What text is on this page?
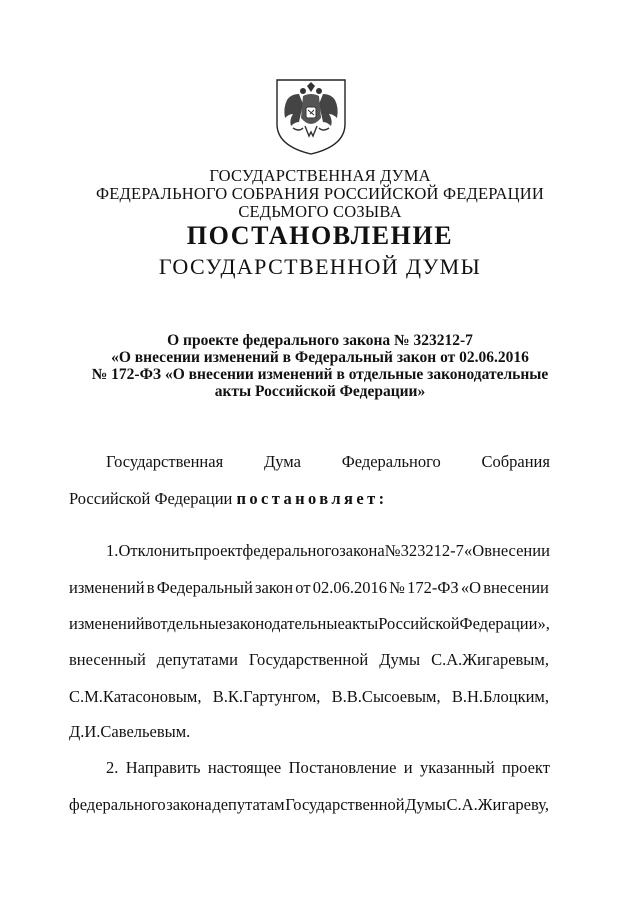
ГОСУДАРСТВЕННАЯ ДУМА
ФЕДЕРАЛЬНОГО СОБРАНИЯ РОССИЙСКОЙ ФЕДЕРАЦИИ
СЕДЬМОГО СОЗЫВА
ПОСТАНОВЛЕНИЕ
ГОСУДАРСТВЕННОЙ ДУМЫ
О проекте федерального закона № 323212-7
«О внесении изменений в Федеральный закон от 02.06.2016
№ 172-ФЗ «О внесении изменений в отдельные законодательные
акты Российской Федерации»
Государственная Дума Федерального Собрания
Российской Федерации постановляет:
1. Отклонить проект федерального закона № 323212-7 «О внесении
изменений в Федеральный закон от 02.06.2016 № 172-ФЗ «О внесении
изменений в отдельные законодательные акты Российской Федерации»,
внесенный депутатами Государственной Думы С.А.Жигаревым,
С.М.Катасоновым, В.К.Гартунгом, В.В.Сысоевым, В.Н.Блоцким,
Д.И.Савельевым.
2. Направить настоящее Постановление и указанный проект
федерального закона депутатам Государственной Думы С.А.Жигареву,
